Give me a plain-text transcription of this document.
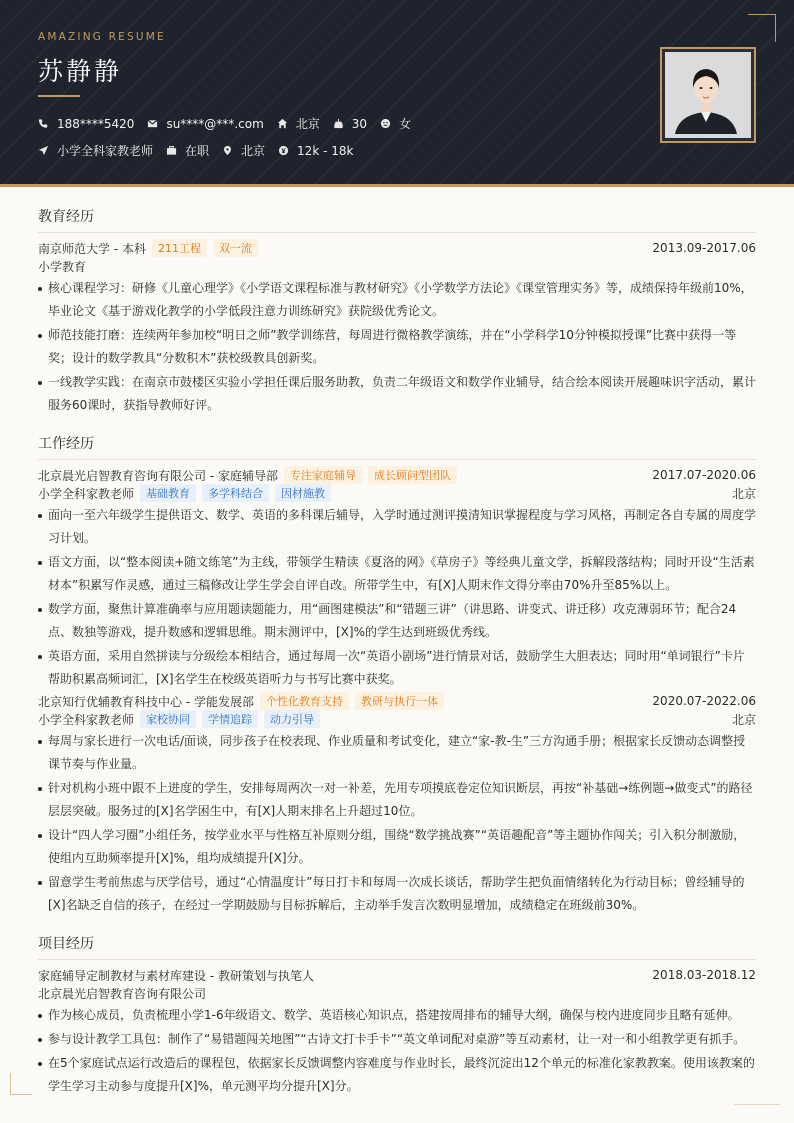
AMAZING RESUME
苏静静
188****5420	su****@***.com	北京	30	女
小学全科家教老师	在职	北京	12k - 18k
教育经历
南京师范大学 - 本科	211工程	双一流	2013.09-2017.06
小学教育
核心课程学习：研修《儿童心理学》《小学语文课程标准与教材研究》《小学数学方法论》《课堂管理实务》等，成绩保持年级前10%，毕业论文《基于游戏化教学的小学低段注意力训练研究》获院级优秀论文。
师范技能打磨：连续两年参加校“明日之师”教学训练营，每周进行微格教学演练，并在“小学科学10分钟模拟授课”比赛中获得一等奖；设计的数学教具“分数积木”获校级教具创新奖。
一线教学实践：在南京市鼓楼区实验小学担任课后服务助教，负责二年级语文和数学作业辅导，结合绘本阅读开展趣味识字活动，累计服务60课时，获指导教师好评。
工作经历
北京晨光启智教育咨询有限公司 - 家庭辅导部	专注家庭辅导	成长顾问型团队	2017.07-2020.06
小学全科家教老师	基础教育	多学科结合	因材施教	北京
面向一至六年级学生提供语文、数学、英语的多科课后辅导，入学时通过测评摸清知识掌握程度与学习风格，再制定各自专属的周度学习计划。
语文方面，以“整本阅读+随文练笔”为主线，带领学生精读《夏洛的网》《草房子》等经典儿童文学，拆解段落结构；同时开设“生活素材本”积累写作灵感，通过三稿修改让学生学会自评自改。所带学生中，有[X]人期末作文得分率由70%升至85%以上。
数学方面，聚焦计算准确率与应用题读题能力，用“画图建模法”和“错题三讲”（讲思路、讲变式、讲迁移）攻克薄弱环节；配合24点、数独等游戏，提升数感和逻辑思维。期末测评中，[X]%的学生达到班级优秀线。
英语方面，采用自然拼读与分级绘本相结合，通过每周一次“英语小剧场”进行情景对话，鼓励学生大胆表达；同时用“单词银行”卡片帮助积累高频词汇，[X]名学生在校级英语听力与书写比赛中获奖。
北京知行优辅教育科技中心 - 学能发展部	个性化教育支持	教研与执行一体	2020.07-2022.06
小学全科家教老师	家校协同	学情追踪	动力引导	北京
每周与家长进行一次电话/面谈，同步孩子在校表现、作业质量和考试变化，建立“家-教-生”三方沟通手册；根据家长反馈动态调整授课节奏与作业量。
针对机构小班中跟不上进度的学生，安排每周两次一对一补差，先用专项摸底卷定位知识断层，再按“补基础→练例题→做变式”的路径层层突破。服务过的[X]名学困生中，有[X]人期末排名上升超过10位。
设计“四人学习圈”小组任务，按学业水平与性格互补原则分组，围绕“数学挑战赛”“英语趣配音”等主题协作闯关；引入积分制激励，使组内互助频率提升[X]%，组均成绩提升[X]分。
留意学生考前焦虑与厌学信号，通过“心情温度计”每日打卡和每周一次成长谈话，帮助学生把负面情绪转化为行动目标；曾经辅导的[X]名缺乏自信的孩子，在经过一学期鼓励与目标拆解后，主动举手发言次数明显增加，成绩稳定在班级前30%。
项目经历
家庭辅导定制教材与素材库建设 - 教研策划与执笔人	2018.03-2018.12
北京晨光启智教育咨询有限公司
作为核心成员，负责梳理小学1-6年级语文、数学、英语核心知识点，搭建按周排布的辅导大纲，确保与校内进度同步且略有延伸。
参与设计教学工具包：制作了“易错题闯关地图”“古诗文打卡手卡”“英文单词配对桌游”等互动素材，让一对一和小组教学更有抓手。
在5个家庭试点运行改造后的课程包，依据家长反馈调整内容难度与作业时长，最终沉淀出12个单元的标准化家教教案。使用该教案的学生学习主动参与度提升[X]%，单元测平均分提升[X]分。
